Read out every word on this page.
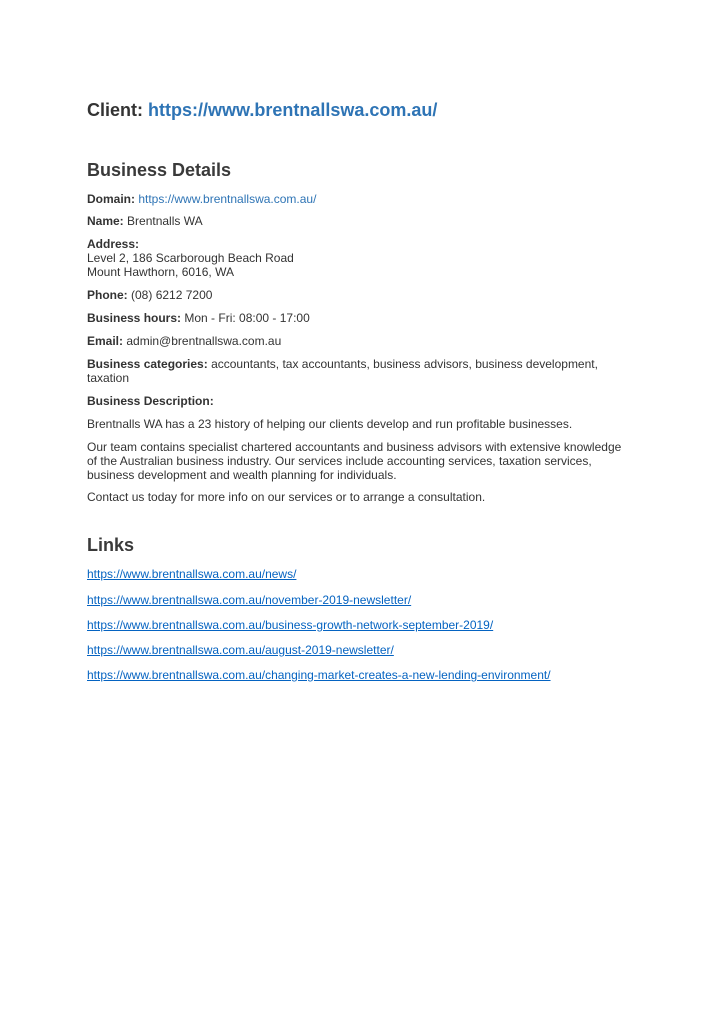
Client: https://www.brentnallswa.com.au/
Business Details
Domain: https://www.brentnallswa.com.au/
Name: Brentnalls WA
Address:
Level 2, 186 Scarborough Beach Road
Mount Hawthorn, 6016, WA
Phone: (08) 6212 7200
Business hours: Mon - Fri: 08:00 - 17:00
Email: admin@brentnallswa.com.au
Business categories: accountants, tax accountants, business advisors, business development, taxation
Business Description:
Brentnalls WA has a 23 history of helping our clients develop and run profitable businesses.
Our team contains specialist chartered accountants and business advisors with extensive knowledge of the Australian business industry. Our services include accounting services, taxation services, business development and wealth planning for individuals.
Contact us today for more info on our services or to arrange a consultation.
Links
https://www.brentnallswa.com.au/news/
https://www.brentnallswa.com.au/november-2019-newsletter/
https://www.brentnallswa.com.au/business-growth-network-september-2019/
https://www.brentnallswa.com.au/august-2019-newsletter/
https://www.brentnallswa.com.au/changing-market-creates-a-new-lending-environment/
